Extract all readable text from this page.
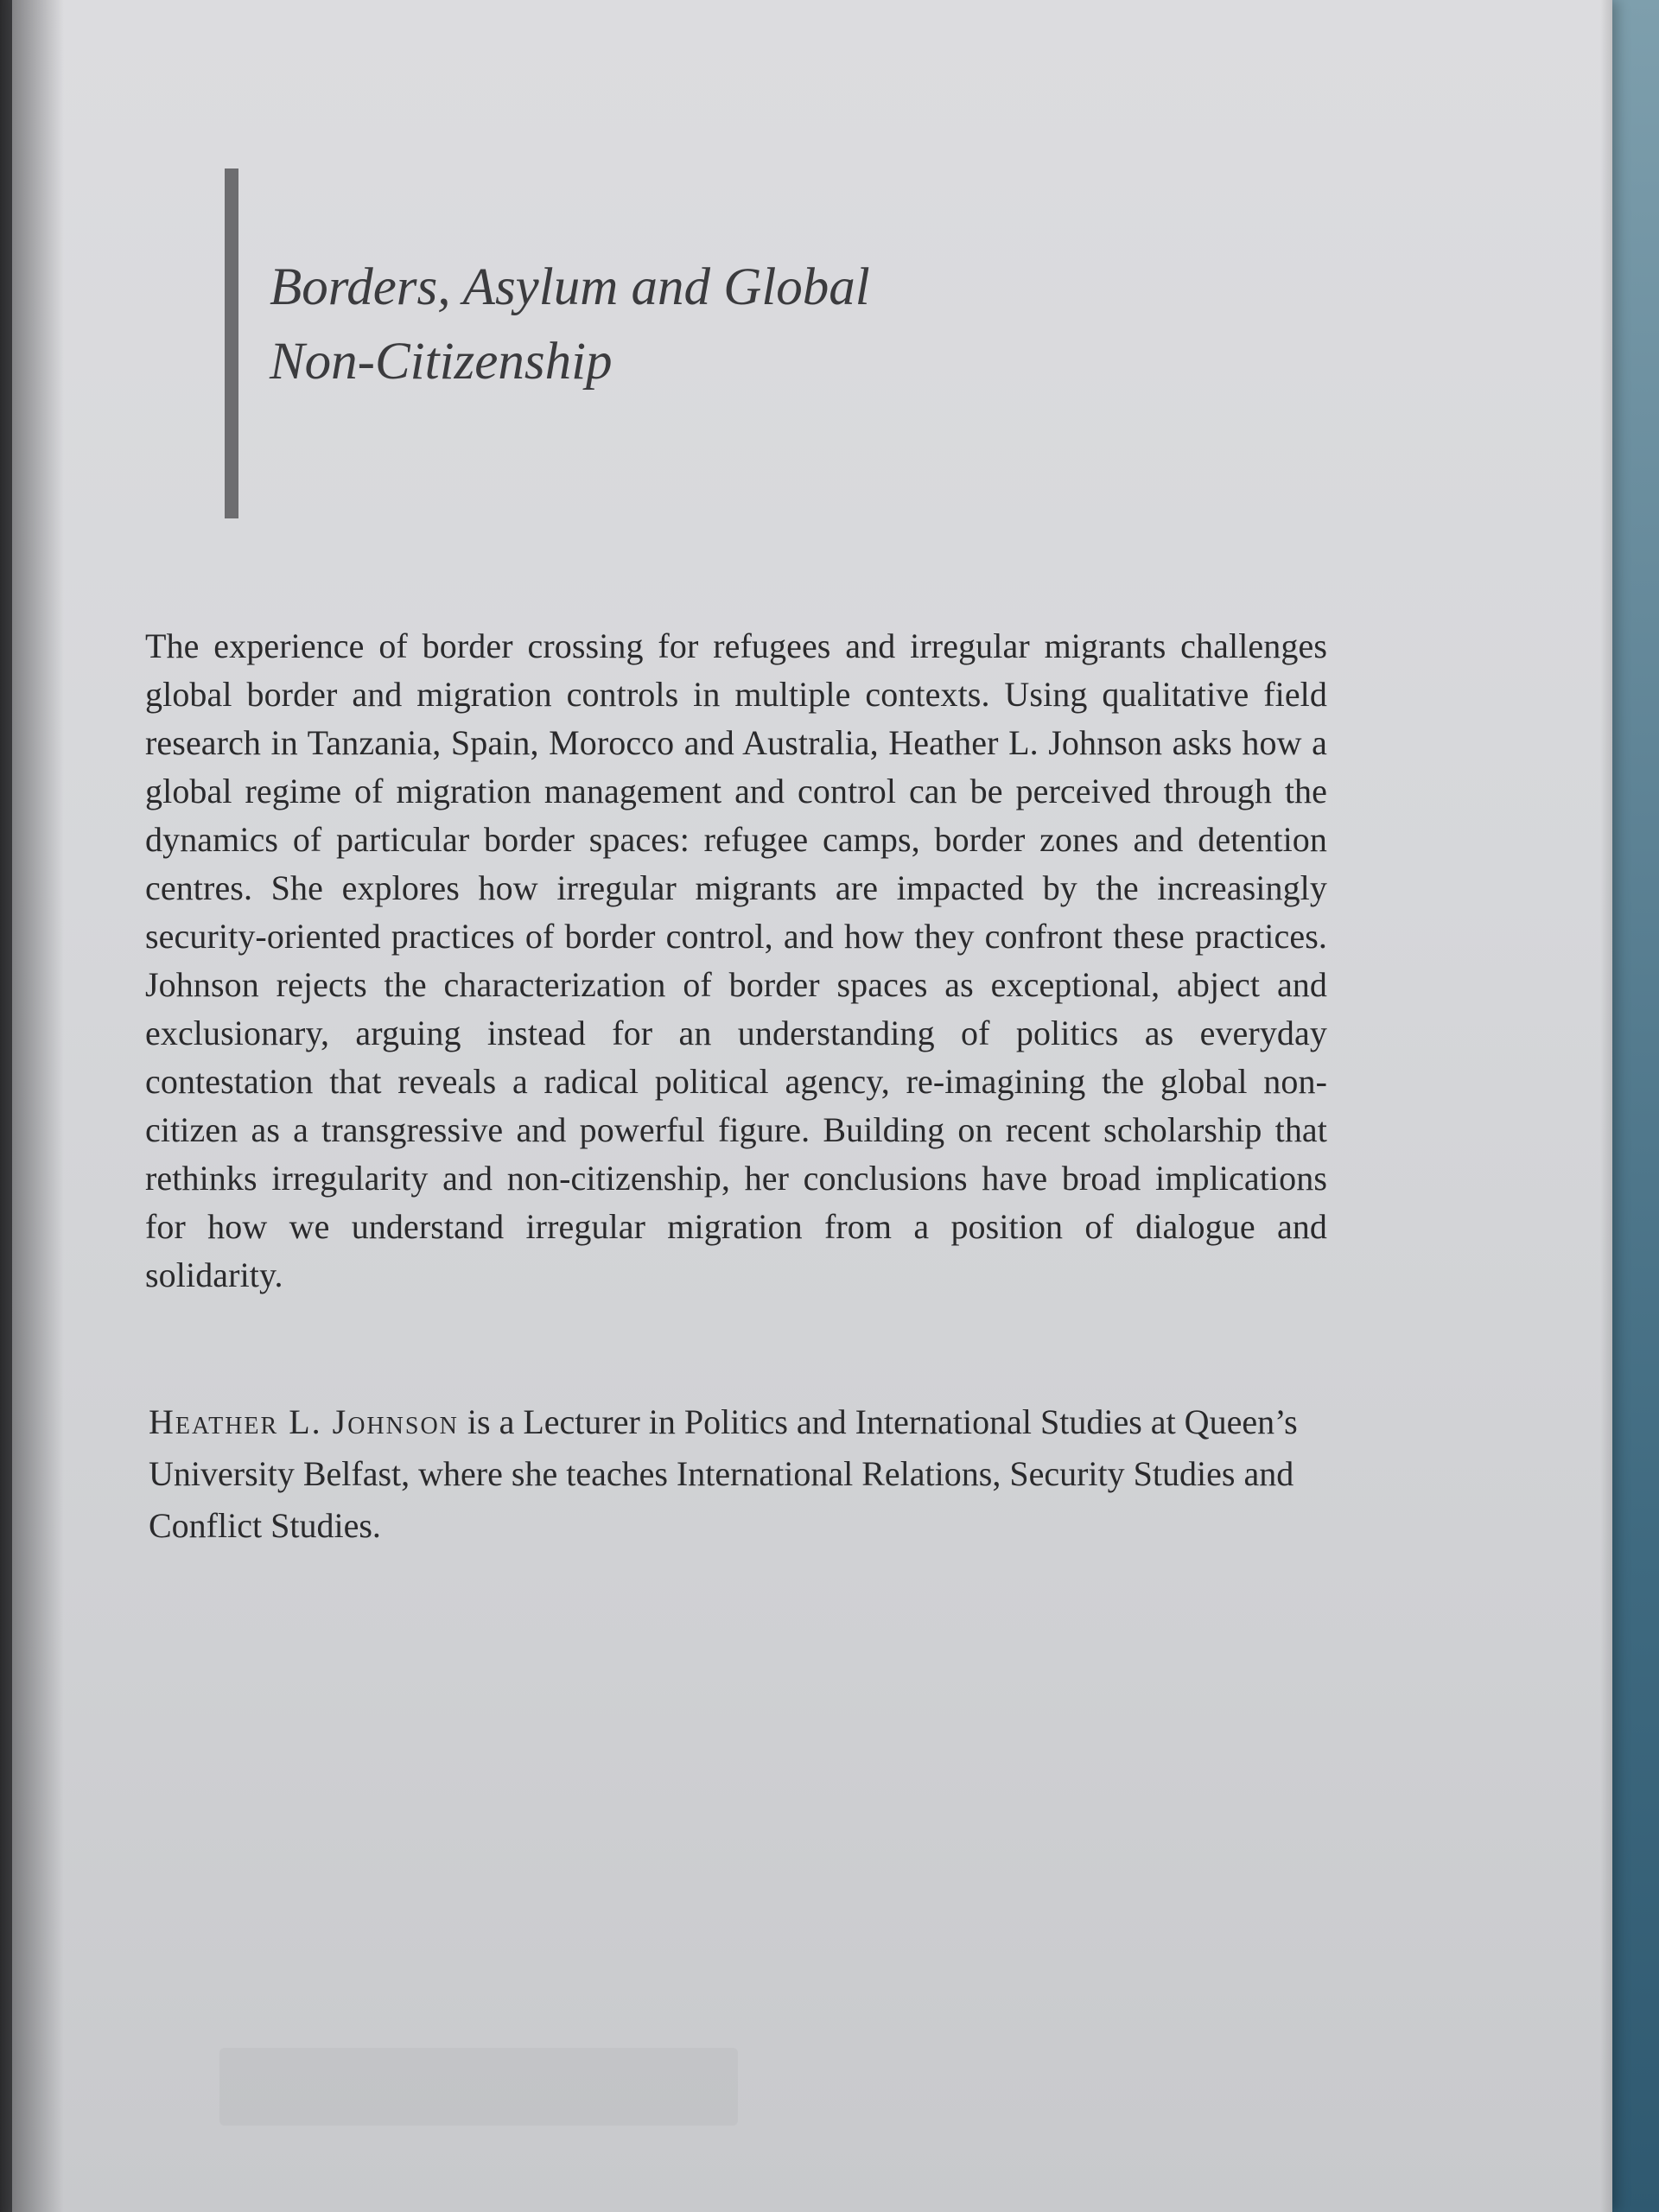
Borders, Asylum and Global
Non-Citizenship

The experience of border crossing for refugees and irregular migrants challenges global border and migration controls in multiple contexts. Using qualitative field research in Tanzania, Spain, Morocco and Australia, Heather L. Johnson asks how a global regime of migration management and control can be perceived through the dynamics of particular border spaces: refugee camps, border zones and detention centres. She explores how irregular migrants are impacted by the increasingly security-oriented practices of border control, and how they confront these practices. Johnson rejects the characterization of border spaces as exceptional, abject and exclusionary, arguing instead for an understanding of politics as everyday contestation that reveals a radical political agency, re-imagining the global non-citizen as a transgressive and powerful figure. Building on recent scholarship that rethinks irregularity and non-citizenship, her conclusions have broad implications for how we understand irregular migration from a position of dialogue and solidarity.

Heather L. Johnson is a Lecturer in Politics and International Studies at Queen’s University Belfast, where she teaches International Relations, Security Studies and Conflict Studies.
